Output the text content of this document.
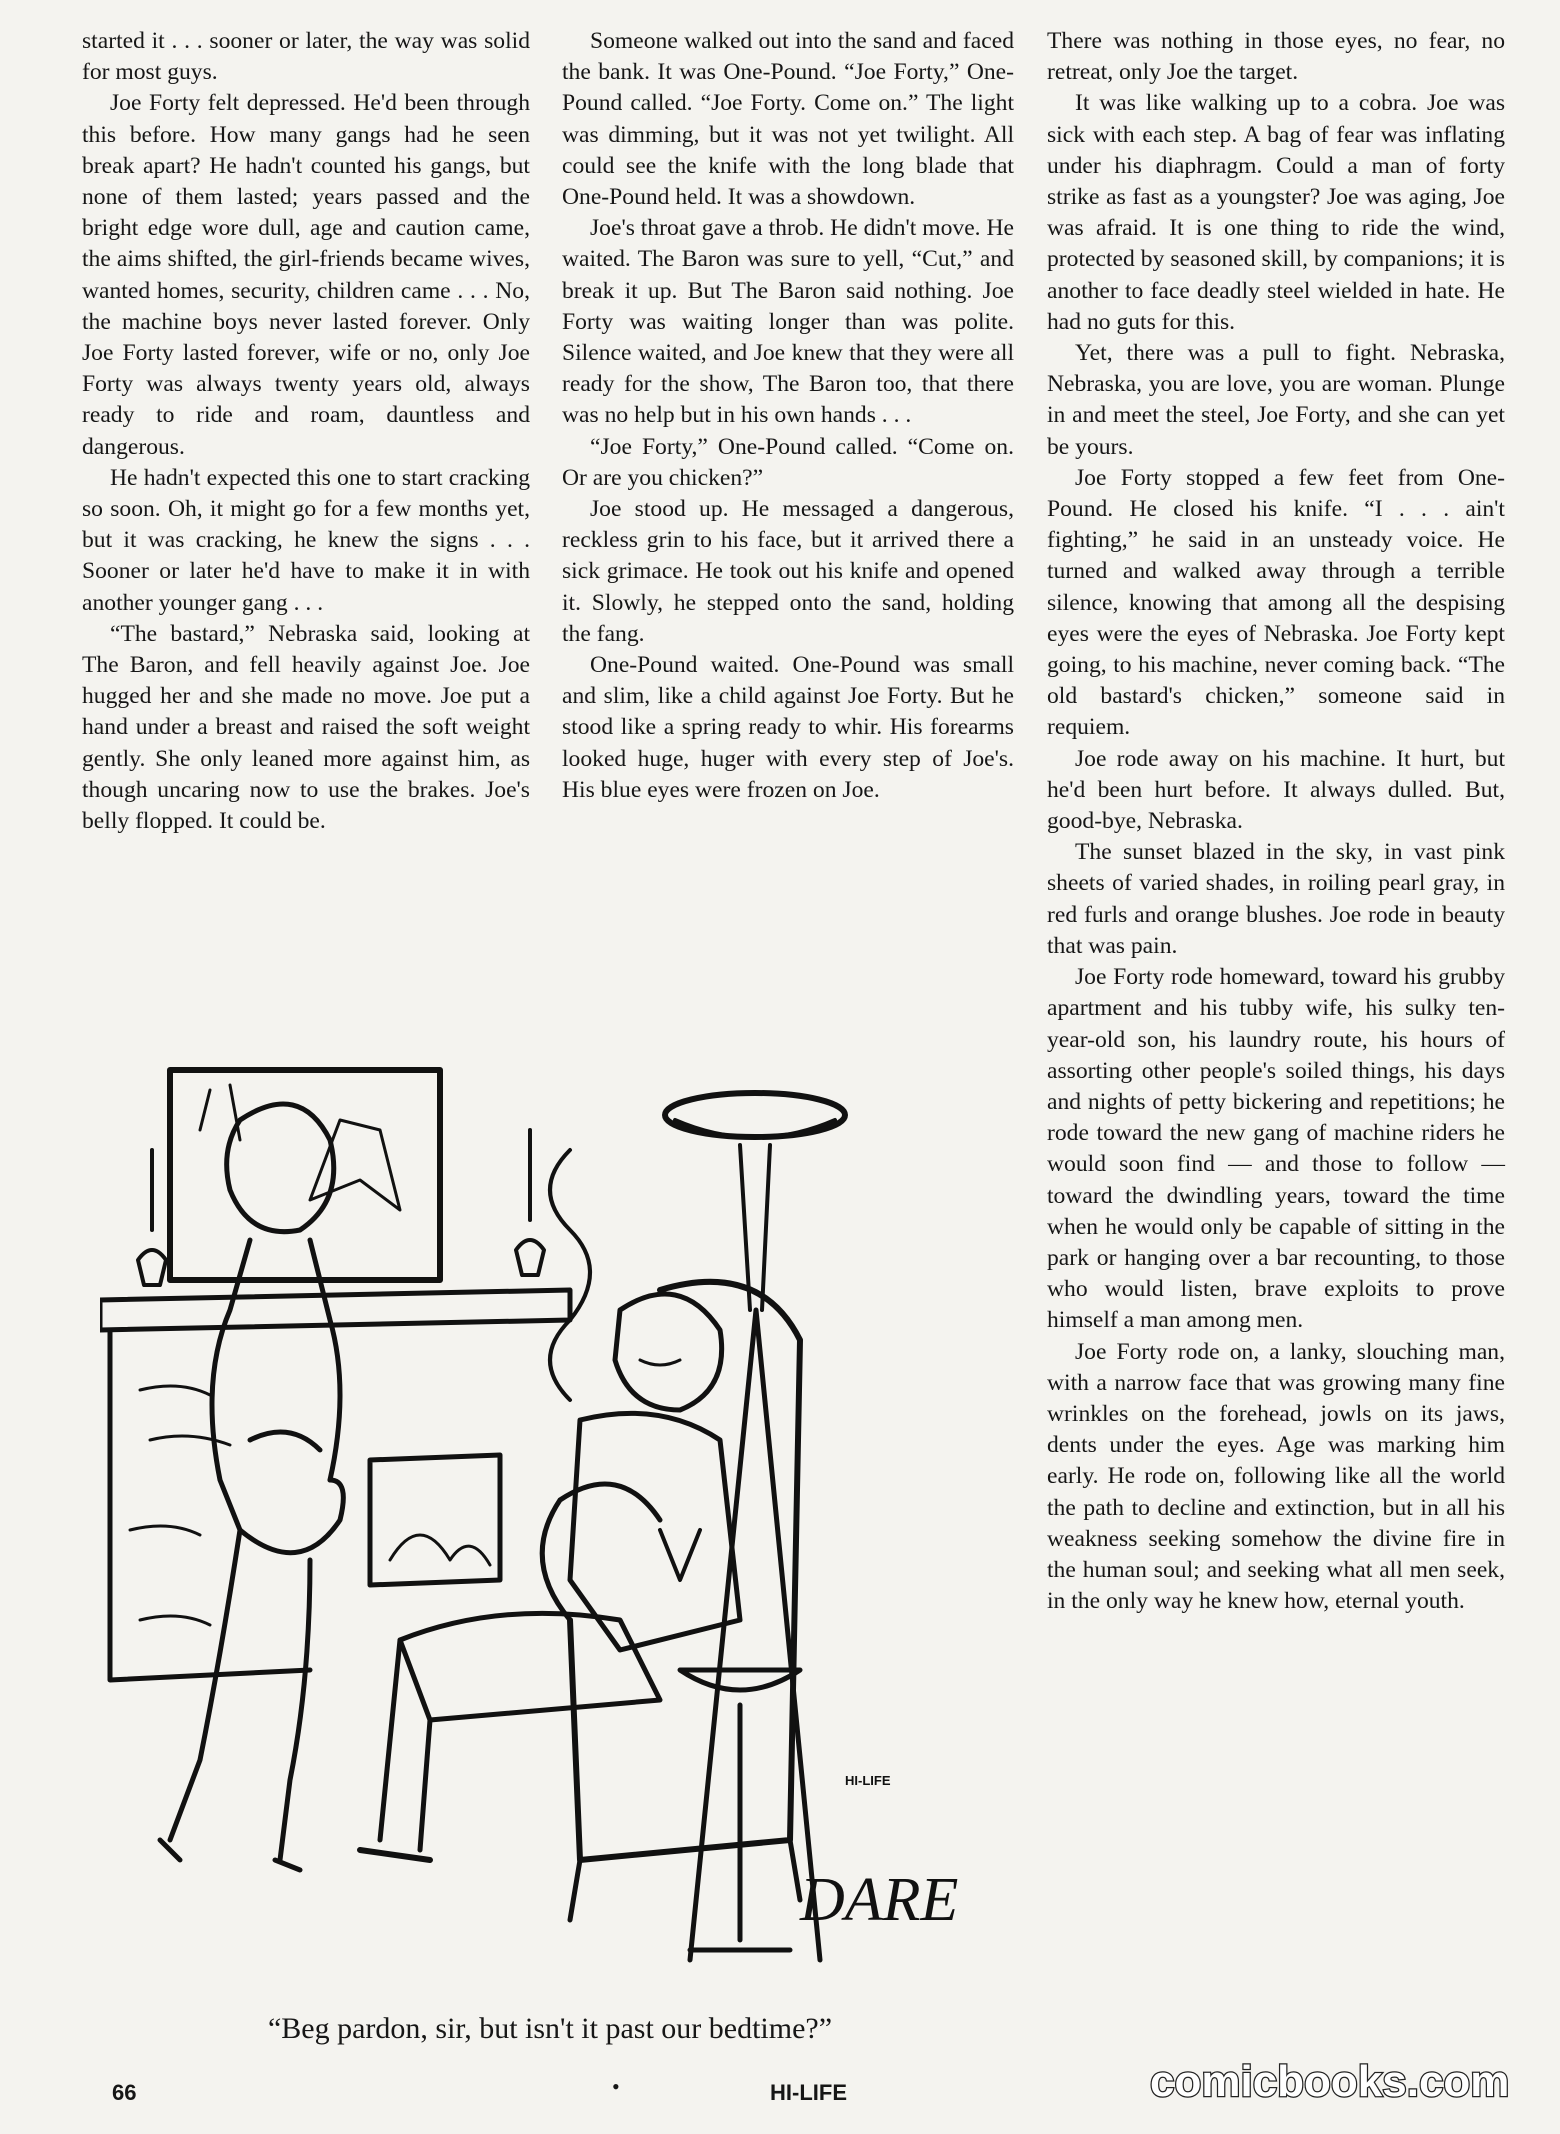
started it . . . sooner or later, the way was solid for most guys.

Joe Forty felt depressed. He'd been through this before. How many gangs had he seen break apart? He hadn't counted his gangs, but none of them lasted; years passed and the bright edge wore dull, age and caution came, the aims shifted, the girl-friends became wives, wanted homes, security, children came . . . No, the machine boys never lasted forever. Only Joe Forty lasted forever, wife or no, only Joe Forty was always twenty years old, always ready to ride and roam, dauntless and dangerous.

He hadn't expected this one to start cracking so soon. Oh, it might go for a few months yet, but it was cracking, he knew the signs . . . Sooner or later he'd have to make it in with another younger gang . . .

“The bastard,” Nebraska said, looking at The Baron, and fell heavily against Joe. Joe hugged her and she made no move. Joe put a hand under a breast and raised the soft weight gently. She only leaned more against him, as though uncaring now to use the brakes. Joe's belly flopped. It could be.

Someone walked out into the sand and faced the bank. It was One-Pound. “Joe Forty,” One-Pound called. “Joe Forty. Come on.” The light was dimming, but it was not yet twilight. All could see the knife with the long blade that One-Pound held. It was a showdown.

Joe's throat gave a throb. He didn't move. He waited. The Baron was sure to yell, “Cut,” and break it up. But The Baron said nothing. Joe Forty was waiting longer than was polite. Silence waited, and Joe knew that they were all ready for the show, The Baron too, that there was no help but in his own hands . . .

“Joe Forty,” One-Pound called. “Come on. Or are you chicken?”

Joe stood up. He messaged a dangerous, reckless grin to his face, but it arrived there a sick grimace. He took out his knife and opened it. Slowly, he stepped onto the sand, holding the fang.

One-Pound waited. One-Pound was small and slim, like a child against Joe Forty. But he stood like a spring ready to whir. His forearms looked huge, huger with every step of Joe's. His blue eyes were frozen on Joe.

There was nothing in those eyes, no fear, no retreat, only Joe the target.

It was like walking up to a cobra. Joe was sick with each step. A bag of fear was inflating under his diaphragm. Could a man of forty strike as fast as a youngster? Joe was aging, Joe was afraid. It is one thing to ride the wind, protected by seasoned skill, by companions; it is another to face deadly steel wielded in hate. He had no guts for this.

Yet, there was a pull to fight. Nebraska, Nebraska, you are love, you are woman. Plunge in and meet the steel, Joe Forty, and she can yet be yours.

Joe Forty stopped a few feet from One-Pound. He closed his knife. “I . . . ain't fighting,” he said in an unsteady voice. He turned and walked away through a terrible silence, knowing that among all the despising eyes were the eyes of Nebraska. Joe Forty kept going, to his machine, never coming back. “The old bastard's chicken,” someone said in requiem.

Joe rode away on his machine. It hurt, but he'd been hurt before. It always dulled. But, good-bye, Nebraska.

The sunset blazed in the sky, in vast pink sheets of varied shades, in roiling pearl gray, in red furls and orange blushes. Joe rode in beauty that was pain.

Joe Forty rode homeward, toward his grubby apartment and his tubby wife, his sulky ten-year-old son, his laundry route, his hours of assorting other people's soiled things, his days and nights of petty bickering and repetitions; he rode toward the new gang of machine riders he would soon find — and those to follow — toward the dwindling years, toward the time when he would only be capable of sitting in the park or hanging over a bar recounting, to those who would listen, brave exploits to prove himself a man among men.

Joe Forty rode on, a lanky, slouching man, with a narrow face that was growing many fine wrinkles on the forehead, jowls on its jaws, dents under the eyes. Age was marking him early. He rode on, following like all the world the path to decline and extinction, but in all his weakness seeking somehow the divine fire in the human soul; and seeking what all men seek, in the only way he knew how, eternal youth.

HI-LIFE
DARE
“Beg pardon, sir, but isn't it past our bedtime?”
66	•	HI-LIFE	comicbooks.com
